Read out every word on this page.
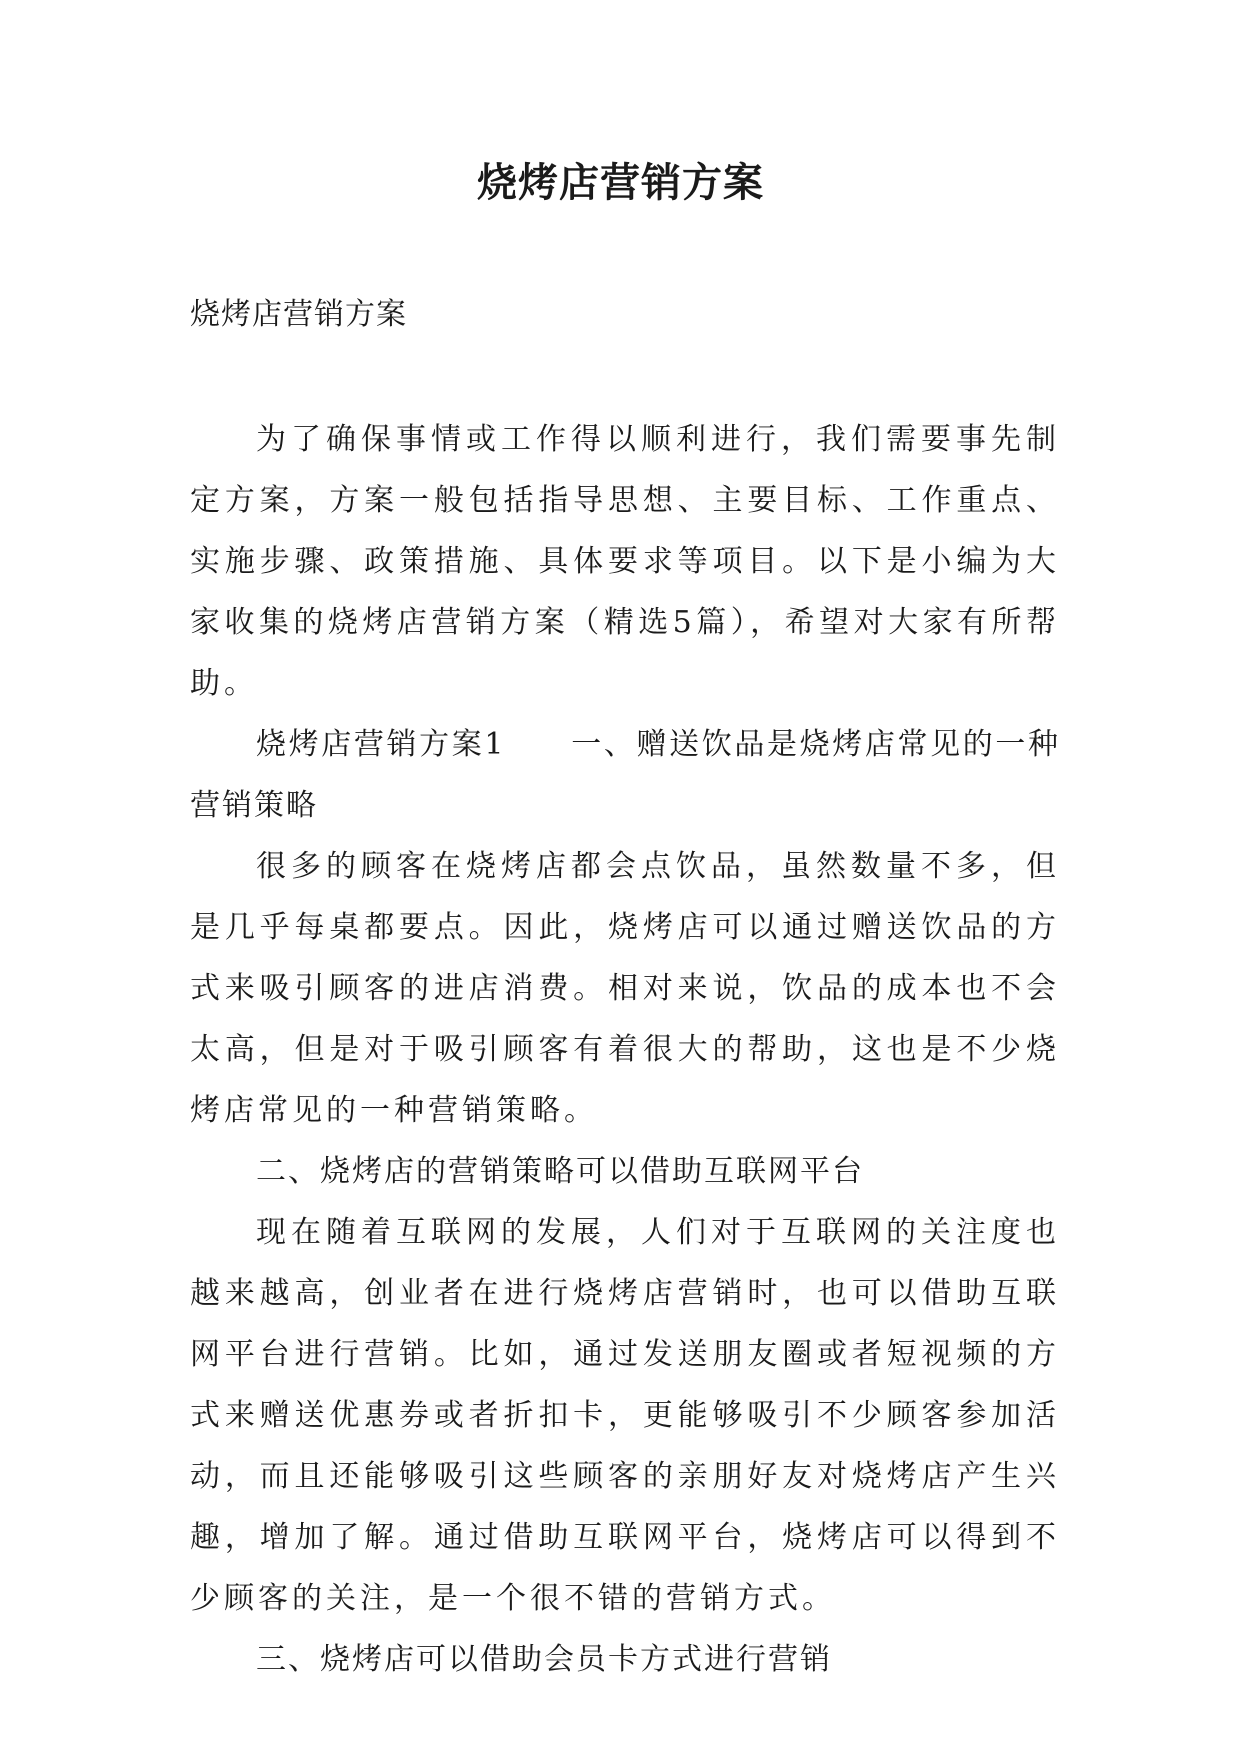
烧烤店营销方案

烧烤店营销方案

为了确保事情或工作得以顺利进行，我们需要事先制定方案，方案一般包括指导思想、主要目标、工作重点、实施步骤、政策措施、具体要求等项目。以下是小编为大家收集的烧烤店营销方案（精选5篇），希望对大家有所帮助。

烧烤店营销方案1　　一、赠送饮品是烧烤店常见的一种营销策略

很多的顾客在烧烤店都会点饮品，虽然数量不多，但是几乎每桌都要点。因此，烧烤店可以通过赠送饮品的方式来吸引顾客的进店消费。相对来说，饮品的成本也不会太高，但是对于吸引顾客有着很大的帮助，这也是不少烧烤店常见的一种营销策略。

二、烧烤店的营销策略可以借助互联网平台

现在随着互联网的发展，人们对于互联网的关注度也越来越高，创业者在进行烧烤店营销时，也可以借助互联网平台进行营销。比如，通过发送朋友圈或者短视频的方式来赠送优惠券或者折扣卡，更能够吸引不少顾客参加活动，而且还能够吸引这些顾客的亲朋好友对烧烤店产生兴趣，增加了解。通过借助互联网平台，烧烤店可以得到不少顾客的关注，是一个很不错的营销方式。

三、烧烤店可以借助会员卡方式进行营销
